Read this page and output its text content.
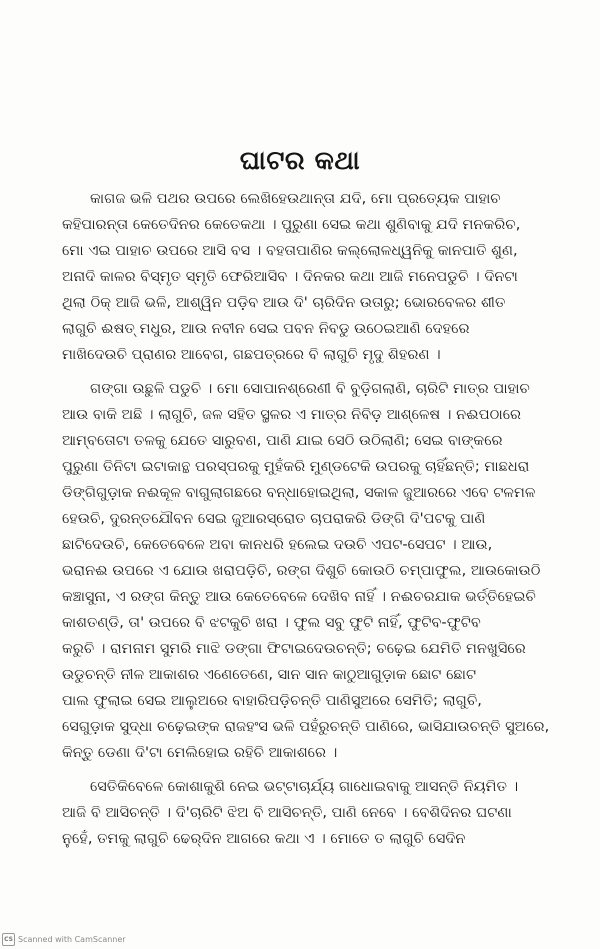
ଘାଟର କଥା

କାଗଜ ଭଳି ପଥର ଉପରେ ଲେଖିହେଉଥାନ୍ତା ଯଦି, ମୋ ପ୍ରତ୍ୟେକ ପାହାଚ
କହିପାରନ୍ତା କେତେଦିନର କେତେକଥା । ପୁରୁଣା ସେଇ କଥା ଶୁଣିବାକୁ ଯଦି ମନକରିଚ,
ମୋ ଏଇ ପାହାଚ ଉପରେ ଆସି ବସ । ବହତାପାଣିର କଲ୍ଲୋଳଧ୍ୱନିକୁ କାନପାତି ଶୁଣ,
ଅନାଦି କାଳର ବିସ୍ମୃତ ସ୍ମୃତି ଫେରିଆସିବ । ଦିନକର କଥା ଆଜି ମନେପଡୁଚି । ଦିନଟା
ଥିଲା ଠିକ୍ ଆଜି ଭଳି, ଆଶ୍ୱିନ ପଡ଼ିବ ଆଉ ଦି' ଚାରିଦିନ ଉତାରୁ; ଭୋରବେଳର ଶୀତ
ଲାଗୁଚି ଈଷତ୍ ମଧୁର, ଆଉ ନବୀନ ସେଇ ପବନ ନିବଡୁ ଉଠେଇଆଣି ଦେହରେ
ମାଖିଦେଉଚି ପ୍ରାଣର ଆବେଗ, ଗଛପତ୍ରରେ ବି ଲାଗୁଚି ମୃଦୁ ଶିହରଣ ।

ଗଙ୍ଗା ଉଛୁଳି ପଡୁଚି । ମୋ ସୋପାନଶ୍ରେଣୀ ବି ବୁଡ଼ିଗଲାଣି, ଚାରିଟି ମାତ୍ର ପାହାଚ
ଆଉ ବାକି ଅଛି । ଲାଗୁଚି, ଜଳ ସହିତ ସ୍ଥଳର ଏ ମାତ୍ର ନିବିଡ଼ ଆଶ୍ଳେଷ । ନଈପଠାରେ
ଆମ୍ବତୋଟା ତଳକୁ ଯେତେ ସାରୁବଣ, ପାଣି ଯାଇ ସେଠି ଉଠିଲାଣି; ସେଇ ବାଙ୍କରେ
ପୁରୁଣା ତିନିଟା ଇଟାକାନ୍ଥ ପରସ୍ପରକୁ ମୁହଁକରି ମୁଣ୍ଡଟେକି ଉପରକୁ ଚାହିଁଛନ୍ତି; ମାଛଧରା
ଡିଙ୍ଗିଗୁଡ଼ାକ ନଈକୂଳ ବାଗୁଲାଗଛରେ ବନ୍ଧାହୋଇଥିଲା, ସକାଳ ଜୁଆରରେ ଏବେ ଟଳମଳ
ହେଉଚି, ଦୁରନ୍ତଯୌବନ ସେଇ ଜୁଆରସ୍ରୋତ ଚାପରାକରି ଡିଙ୍ଗି ଦି'ପଟକୁ ପାଣି
ଛାଟିଦେଉଚି, କେତେବେଳେ ଅବା କାନଧରି ହଲେଇ ଦଉଚି ଏପଟ-ସେପଟ । ଆଉ,
ଭରାନଈ ଉପରେ ଏ ଯୋଉ ଖରାପଡ଼ିଚି, ରଙ୍ଗ ଦିଶୁଚି କୋଉଠି ଚମ୍ପାଫୁଲ, ଆଉକୋଉଠି
କଞ୍ଚାସୁନା, ଏ ରଙ୍ଗ କିନ୍ତୁ ଆଉ କେତେବେଳେ ଦେଖିବ ନାହିଁ । ନଈଚରଯାକ ଭର୍ତ୍ତିହେଇଚି
କାଶତଣ୍ଡି, ତା' ଉପରେ ବି ଝଟକୁଚି ଖରା । ଫୁଲ ସବୁ ଫୁଟି ନାହିଁ, ଫୁଟିବ-ଫୁଟିବ
କରୁଚି । ରାମନାମ ସୁମରି ମାଝି ଡଙ୍ଗା ଫିଟାଇଦେଉଚନ୍ତି; ଚଢ଼େଇ ଯେମିତି ମନଖୁସିରେ
ଉଡୁଚନ୍ତି ନୀଳ ଆକାଶର ଏଣେତେଣେ, ସାନ ସାନ କାଠୁଆଗୁଡ଼ାକ ଛୋଟ ଛୋଟ
ପାଲ ଫୁଲାଇ ସେଇ ଆଲୁଅରେ ବାହାରିପଡ଼ିଚନ୍ତି ପାଣିସୁଅରେ ସେମିତି; ଲାଗୁଚି,
ସେଗୁଡ଼ାକ ସୁଦ୍ଧା ଚଢ଼େଇଙ୍କ ରାଜହଂସ ଭଳି ପହଁରୁଚନ୍ତି ପାଣିରେ, ଭାସିଯାଉଚନ୍ତି ସୁଅରେ,
କିନ୍ତୁ ଡେଣା ଦି'ଟା ମେଲିହୋଇ ରହିଚି ଆକାଶରେ ।

ସେତିକିବେଳେ କୋଶାକୁଶି ନେଇ ଭଟ୍ଟାଚାର୍ଯ୍ୟ ଗାଧୋଇବାକୁ ଆସନ୍ତି ନିୟମିତ ।
ଆଜି ବି ଆସିଚନ୍ତି । ଦି'ଚାରିଟି ଝିଅ ବି ଆସିଚନ୍ତି, ପାଣି ନେବେ । ବେଶିଦିନର ଘଟଣା
ନୁହେଁ, ତମକୁ ଲାଗୁଚି ଢେର୍‌ଦିନ ଆଗରେ କଥା ଏ । ମୋତେ ତ ଲାଗୁଚି ସେଦିନ

CS Scanned with CamScanner
